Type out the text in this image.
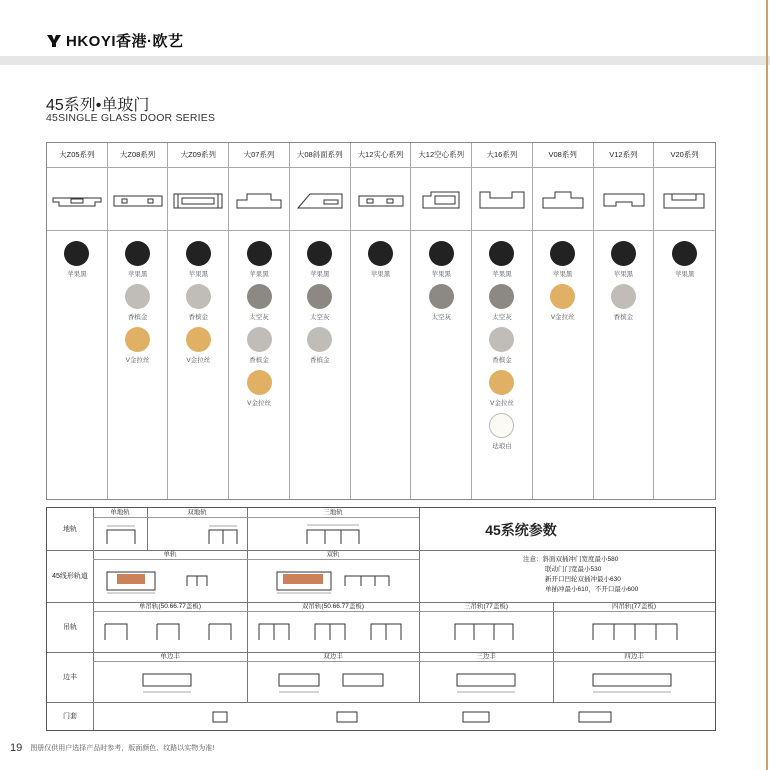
HKOYI香港·欧艺
45系列•单玻门
45SINGLE GLASS DOOR SERIES
大Z05系列
苹果黑
大Z08系列
苹果黑
香槟金
V金拉丝
大Z09系列
苹果黑
香槟金
V金拉丝
大07系列
苹果黑
太空灰
香槟金
V金拉丝
大08斜面系列
苹果黑
太空灰
香槟金
大12实心系列
苹果黑
大12空心系列
苹果黑
太空灰
大16系列
苹果黑
太空灰
香槟金
V金拉丝
珐琅白
V08系列
苹果黑
V金拉丝
V12系列
苹果黑
香槟金
V20系列
苹果黑
地轨
单地轨	双地轨	三地轨
45系统参数
45线形轨道
单轨	双轨
注意：斜面双插冲门宽度最小580
联动门门宽最小530
新开口凹轮双插冲最小630
单插冲最小610，不开口最小600
吊轨
单吊轨(50.66.77盖板)	双吊轨(50.66.77盖板)	三吊轨(77盖板)	四吊轨(77盖板)
边丰
单边丰	双边丰	三边丰	四边丰
门套
19 图册仅供用户选择产品时参考，版面颜色、纹路以实物为准!
